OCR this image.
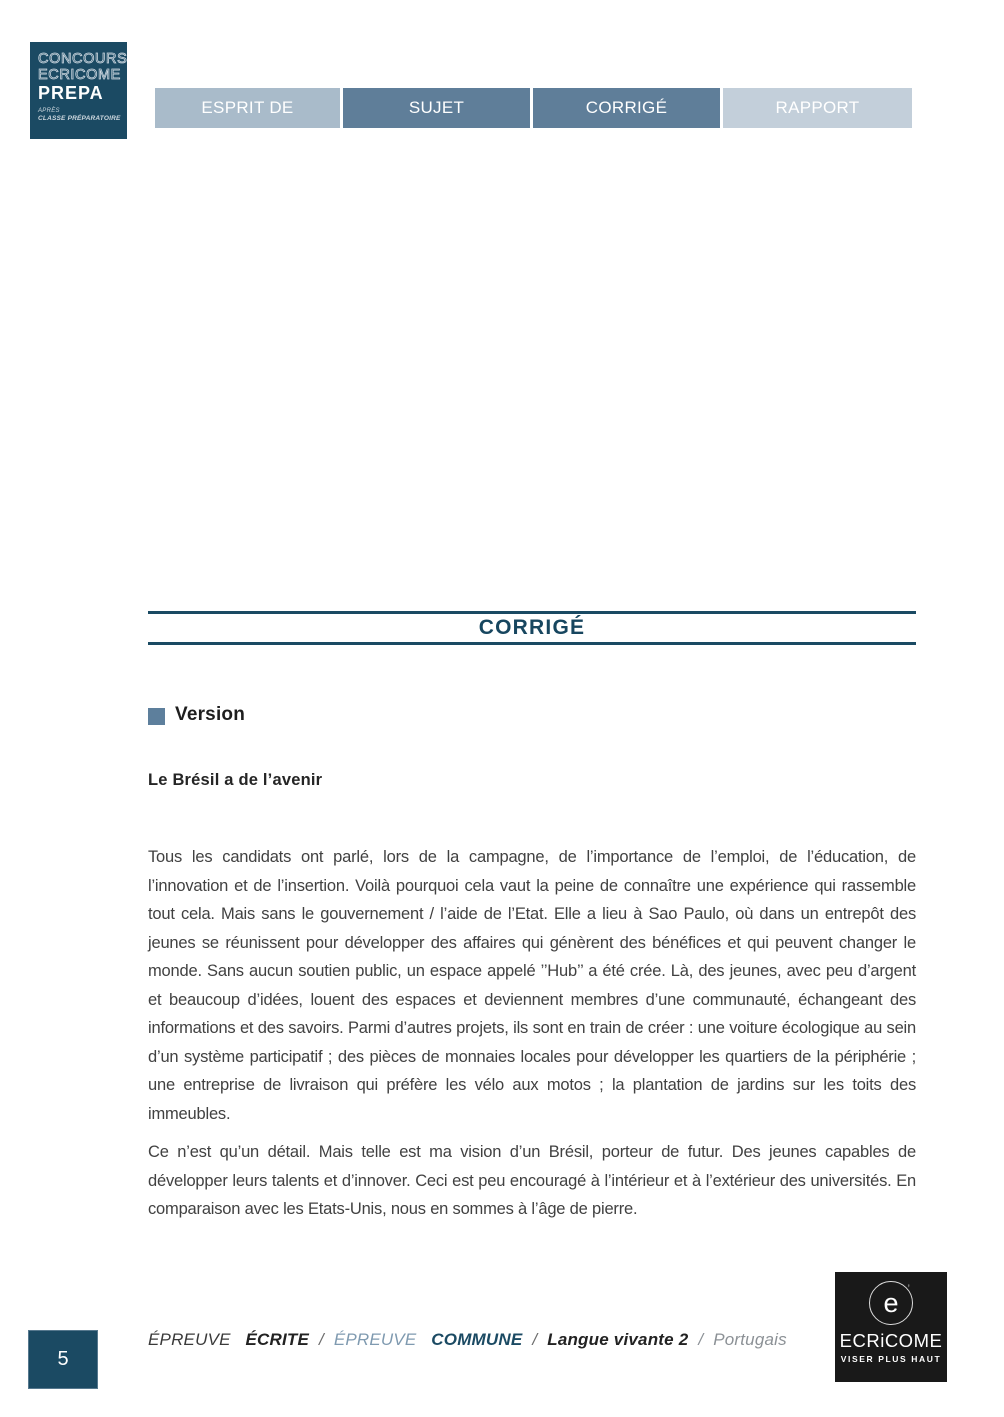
CONCOURS
ECRICOME
PREPA
APRÈS
CLASSE PRÉPARATOIRE
ESPRIT DE L’ÉPREUVE
SUJET	CORRIGÉ	RAPPORT
CORRIGÉ
Version
Le Brésil a de l’avenir

Tous les candidats ont parlé, lors de la campagne, de l’importance de l’emploi, de l’éducation, de l’innovation et de l’insertion. Voilà pourquoi cela vaut la peine de connaître une expérience qui rassemble tout cela. Mais sans le gouvernement / l’aide de l’Etat. Elle a lieu à Sao Paulo, où dans un entrepôt des jeunes se réunissent pour développer des affaires qui génèrent des bénéfices et qui peuvent changer le monde. Sans aucun soutien public, un espace appelé ’’Hub’’ a été crée. Là, des jeunes, avec peu d’argent et beaucoup d’idées, louent des espaces et deviennent membres d’une communauté, échangeant des informations et des savoirs. Parmi d’autres projets, ils sont en train de créer : une voiture écologique au sein d’un système participatif ; des pièces de monnaies locales pour développer les quartiers de la périphérie ; une entreprise de livraison qui préfère les vélo aux motos ; la plantation de jardins sur les toits des immeubles.

Ce n’est qu’un détail. Mais telle est ma vision d’un Brésil, porteur de futur. Des jeunes capables de développer leurs talents et d’innover. Ceci est peu encouragé à l’intérieur et à l’extérieur des universités. En comparaison avec les Etats-Unis, nous en sommes à l’âge de pierre.

ÉPREUVE ÉCRITE / ÉPREUVE COMMUNE / Langue vivante 2 / Portugais
5
e ’
ECRiCOME
VISER PLUS HAUT
